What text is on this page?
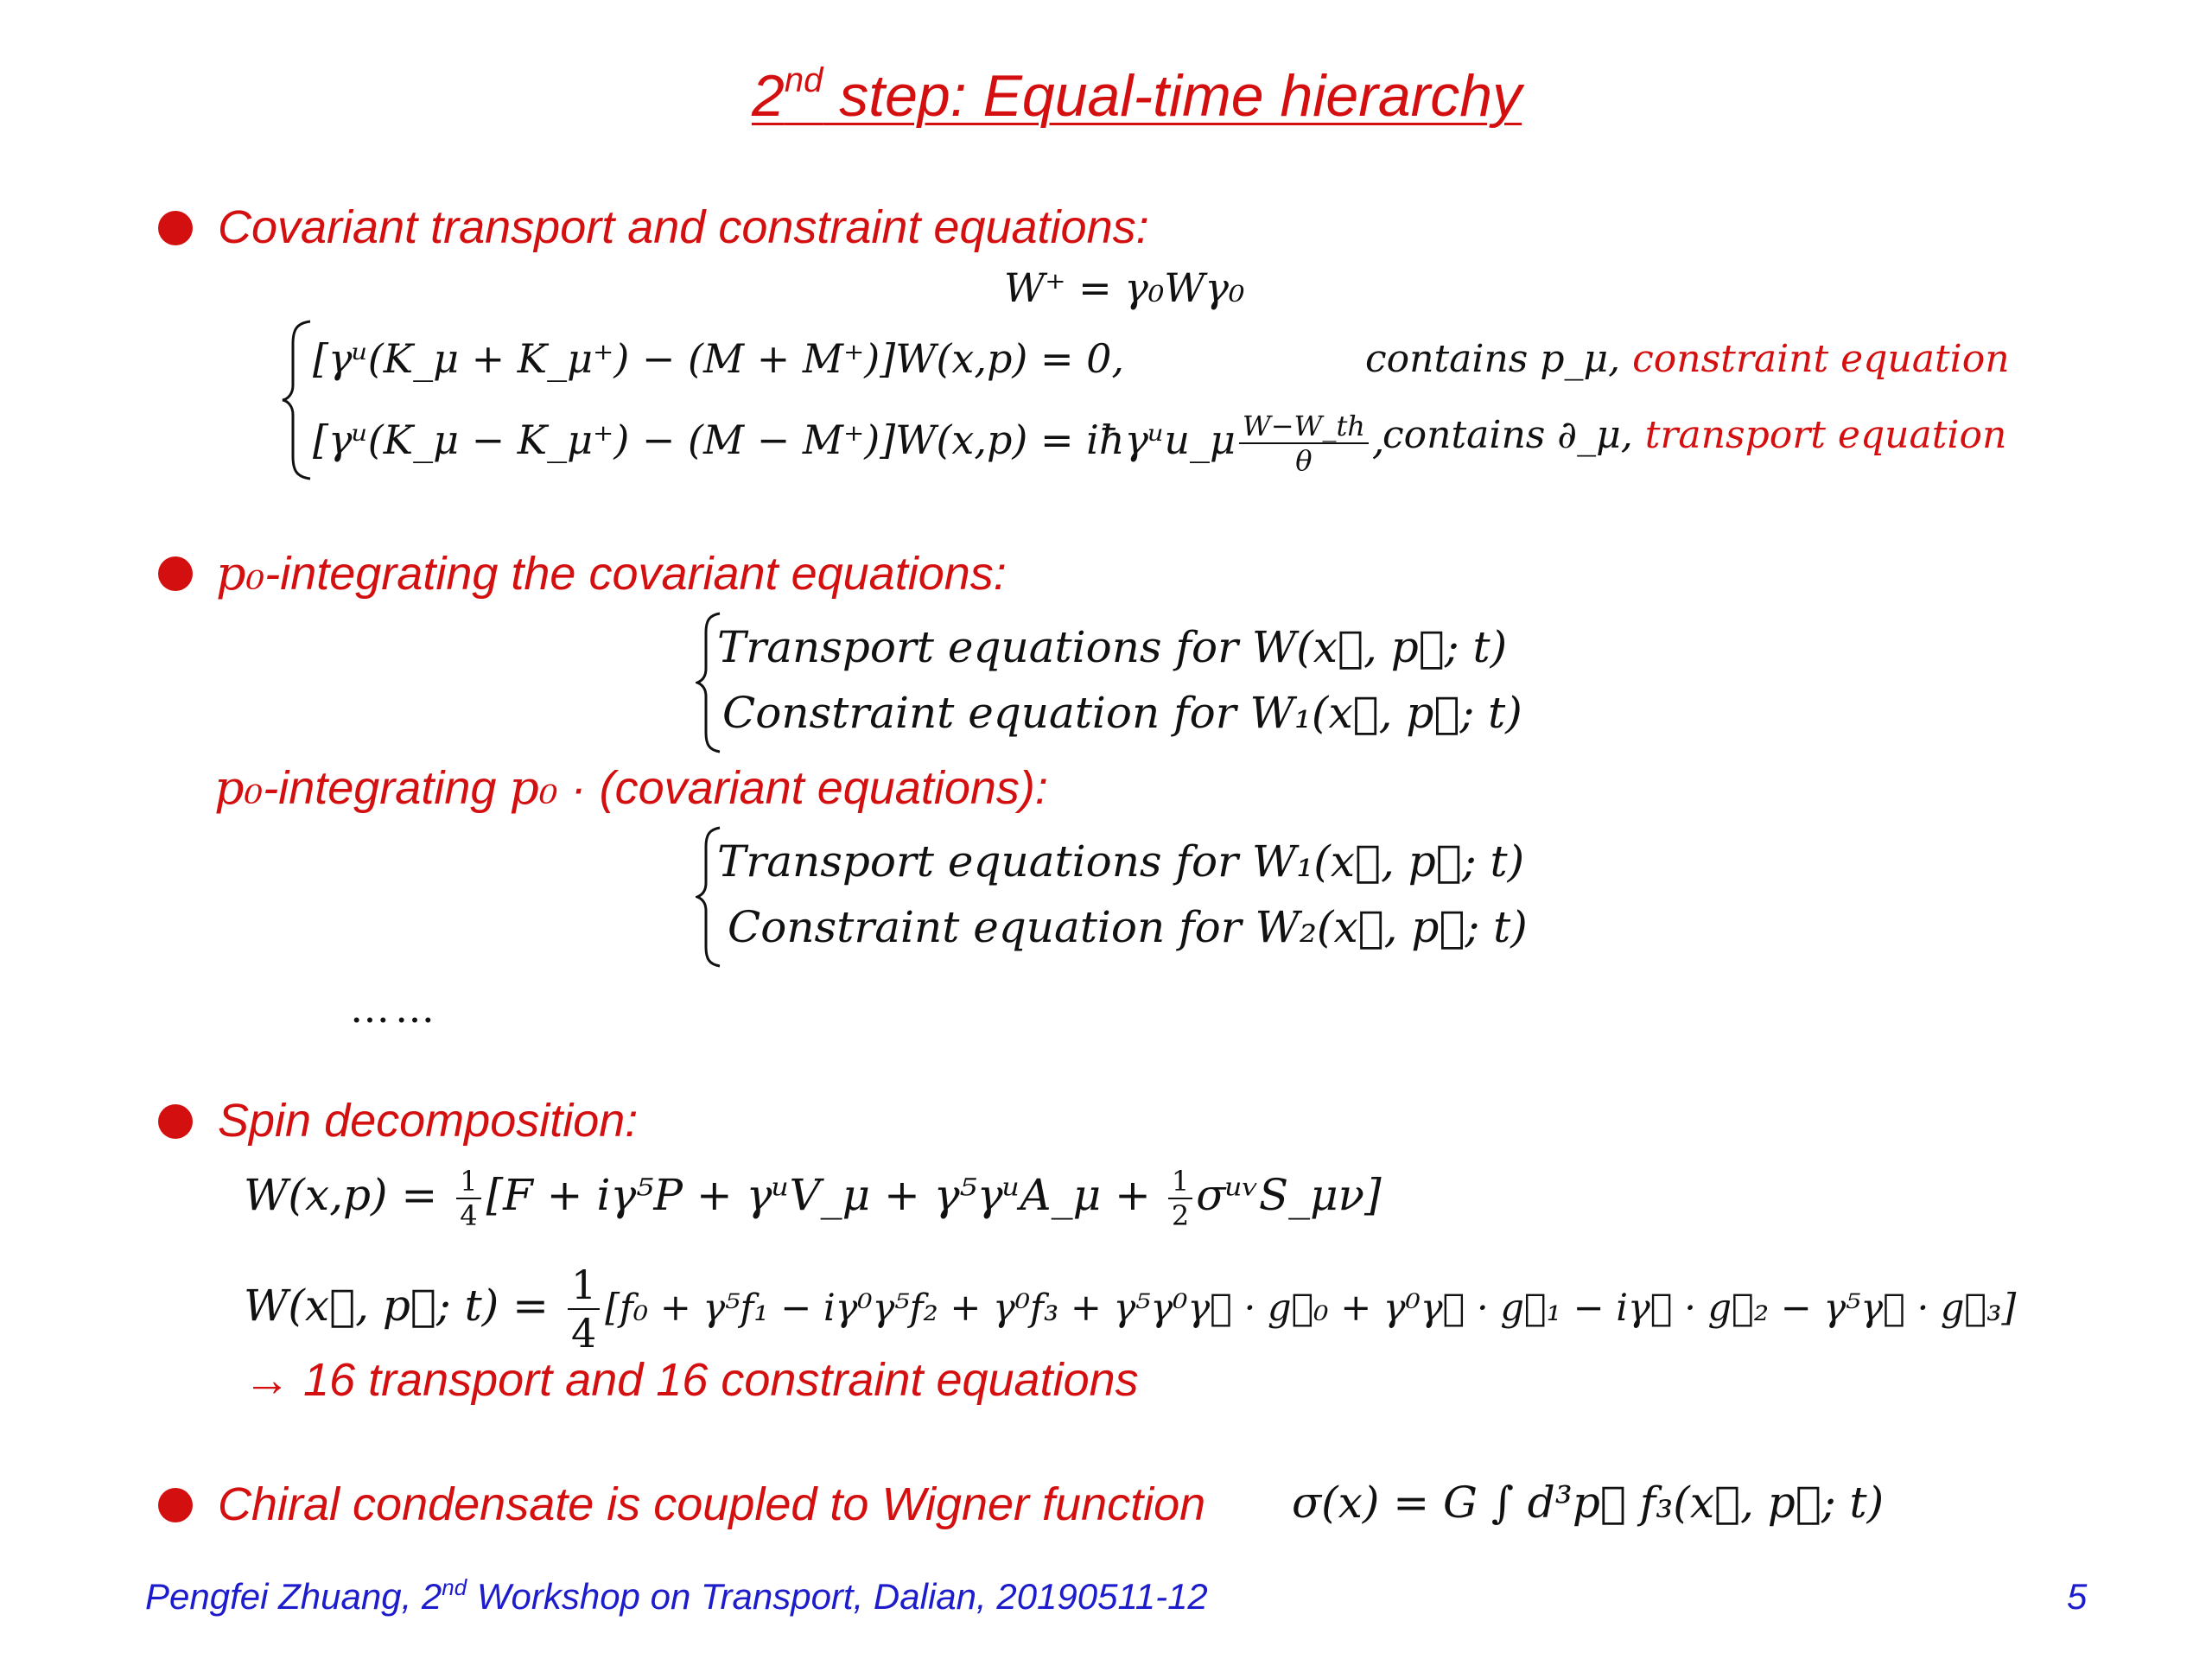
2nd step: Equal-time hierarchy
Covariant transport and constraint equations:
W⁺ = γ₀Wγ₀
[γᵘ(K_μ + K_μ⁺) − (M + M⁺)]W(x,p) = 0,	contains p_μ, constraint equation
[γᵘ(K_μ − K_μ⁺) − (M − M⁺)]W(x,p) = iħγᵘu_μ $\frac{W-W\_th}{\theta}$ ,
contains ∂_μ, transport equation
p₀-integrating the covariant equations:
Transport equations for W(x⃗, p⃗; t)
Constraint equation for W₁(x⃗, p⃗; t)
p₀-integrating p₀ · (covariant equations):
Transport equations for W₁(x⃗, p⃗; t)
Constraint equation for W₂(x⃗, p⃗; t)
……
Spin decomposition:
$W(x,p) = \frac{1}{4} [F + i\gamma^5P$ + γᵘV_μ + γ⁵γᵘA_μ + $\frac{1}{2}$ σᵘᵛS_μν]
W(x⃗, p⃗; $t) = \frac{1}{4} [f_0 + \gamma^5f_1 - i\gamma^0\gamma^5f_2 + \gamma^0f_3$ + γ⁵γ⁰γ⃗ · g⃗₀ + γ⁰γ⃗ · g⃗₁ − iγ⃗ · g⃗₂ − γ⁵γ⃗ · g⃗₃]
→ 16 transport and 16 constraint equations
Chiral condensate is coupled to Wigner function σ(x) = G ∫ d³p⃗ f₃(x⃗, p⃗; t)
Pengfei Zhuang, 2nd Workshop on Transport, Dalian, 20190511-12	5
